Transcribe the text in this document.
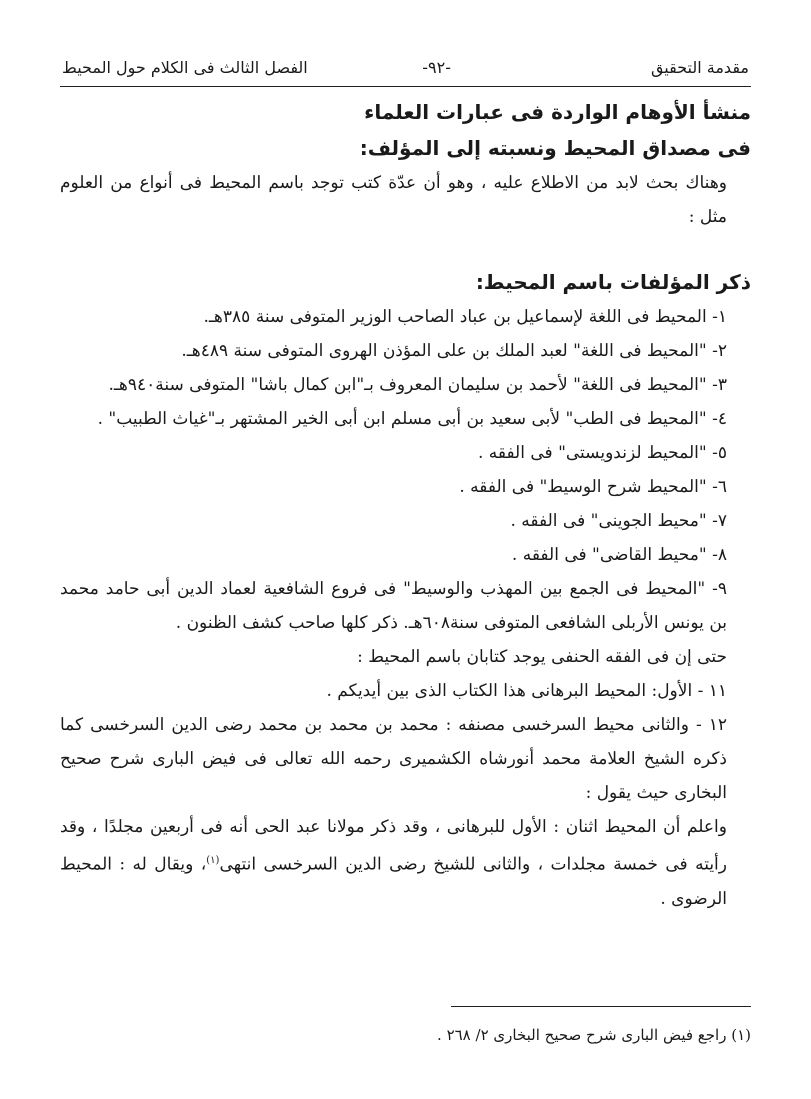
مقدمة التحقيق
-٩٢-
الفصل الثالث فى الكلام حول المحيط
منشأ الأوهام الواردة فى عبارات العلماء
فى مصداق المحيط ونسبته إلى المؤلف:

وهناك بحث لابد من الاطلاع عليه ، وهو أن عدّة كتب توجد باسم المحيط فى أنواع من العلوم مثل :

ذكر المؤلفات باسم المحيط:

١- المحيط فى اللغة لإسماعيل بن عباد الصاحب الوزير المتوفى سنة ٣٨٥هـ.

٢- "المحيط فى اللغة" لعبد الملك بن على المؤذن الهروى المتوفى سنة ٤٨٩هـ.

٣- "المحيط فى اللغة" لأحمد بن سليمان المعروف بـ"ابن كمال باشا" المتوفى سنة٩٤٠هـ.

٤- "المحيط فى الطب" لأبى سعيد بن أبى مسلم ابن أبى الخير المشتهر بـ"غياث الطبيب" .

٥- "المحيط لزندويستى" فى الفقه .

٦- "المحيط شرح الوسيط" فى الفقه .

٧- "محيط الجوينى" فى الفقه .

٨- "محيط القاضى" فى الفقه .

٩- "المحيط فى الجمع بين المهذب والوسيط" فى فروع الشافعية لعماد الدين أبى حامد محمد بن يونس الأربلى الشافعى المتوفى سنة٦٠٨هـ. ذكر كلها صاحب كشف الظنون .

حتى إن فى الفقه الحنفى يوجد كتابان باسم المحيط :

١١ - الأول: المحيط البرهانى هذا الكتاب الذى بين أيديكم .

١٢ - والثانى محيط السرخسى مصنفه : محمد بن محمد بن محمد رضى الدين السرخسى كما ذكره الشيخ العلامة محمد أنورشاه الكشميرى رحمه الله تعالى فى فيض البارى شرح صحيح البخارى حيث يقول :

واعلم أن المحيط اثنان : الأول للبرهانى ، وقد ذكر مولانا عبد الحى أنه فى أربعين مجلدًا ، وقد رأيته فى خمسة مجلدات ، والثانى للشيخ رضى الدين السرخسى انتهى$^{(١)}$، ويقال له : المحيط الرضوى .

(١) راجع فيض البارى شرح صحيح البخارى ٢/ ٢٦٨ .
